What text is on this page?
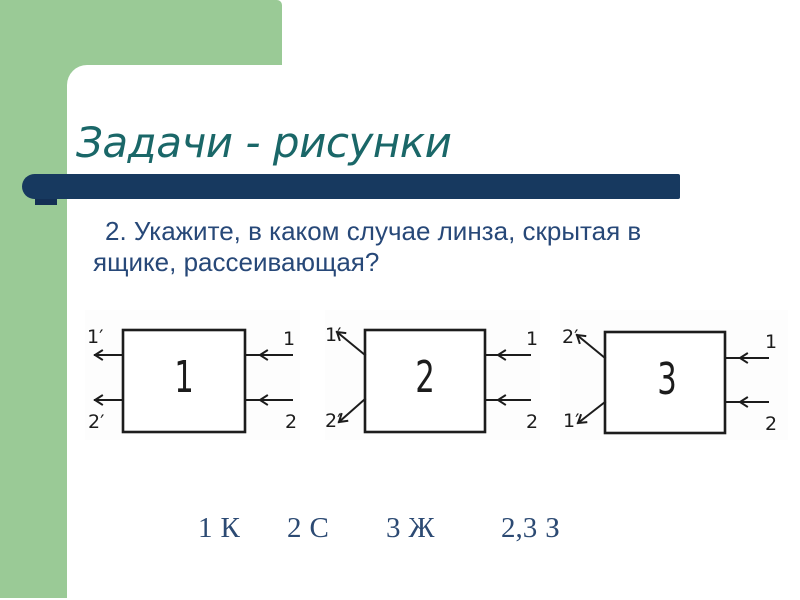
Задачи - рисунки
2. Укажите, в каком случае линза, скрытая в
ящике, рассеивающая?
1
1
2
1′
2′
2
1
2
1′
2′
3
1
2
2′
1′
1 К 2 С 3 Ж 2,3 З
